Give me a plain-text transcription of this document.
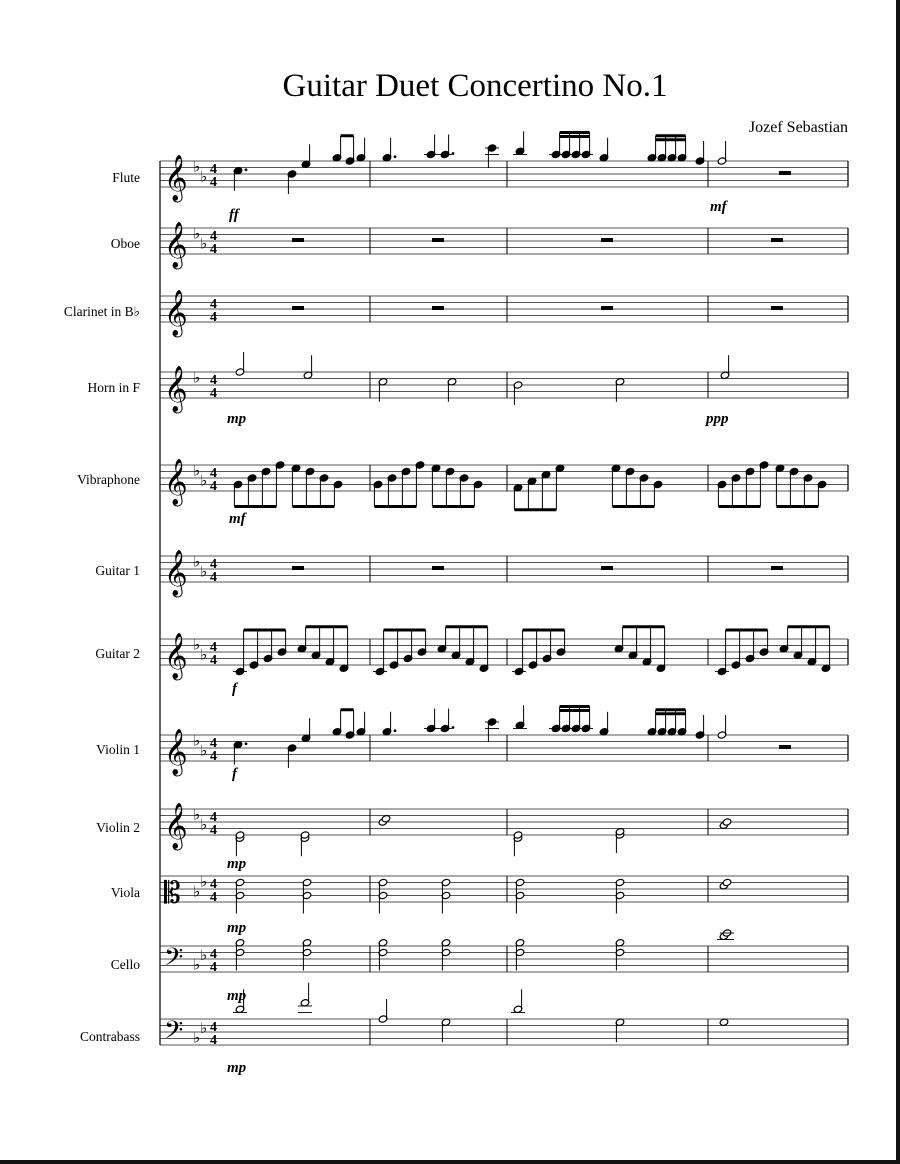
Guitar Duet Concertino No.1
Jozef Sebastian
Flute
Oboe
Clarinet in B♭
Horn in F
Vibraphone
Guitar 1
Guitar 2
Violin 1
Violin 2
Viola
Cello
Contrabass
ff	mf
mp	ppp
mf
f
f
mp
mp
mp
mp
𝄞 ♭
♭ 4
4
𝄞 ♭
♭ 4
4
𝄞 4
4
𝄞 ♭ 4
4
𝄞 ♭
♭ 4
4
𝄞 ♭
♭ 4
4
𝄞 ♭
♭ 4
4
𝄞 ♭
♭ 4
4
𝄞 ♭
♭ 4
4
𝄡 ♭
♭ 4
4
𝄢 ♭
♭ 4
4
𝄢 ♭
♭ 4
4
